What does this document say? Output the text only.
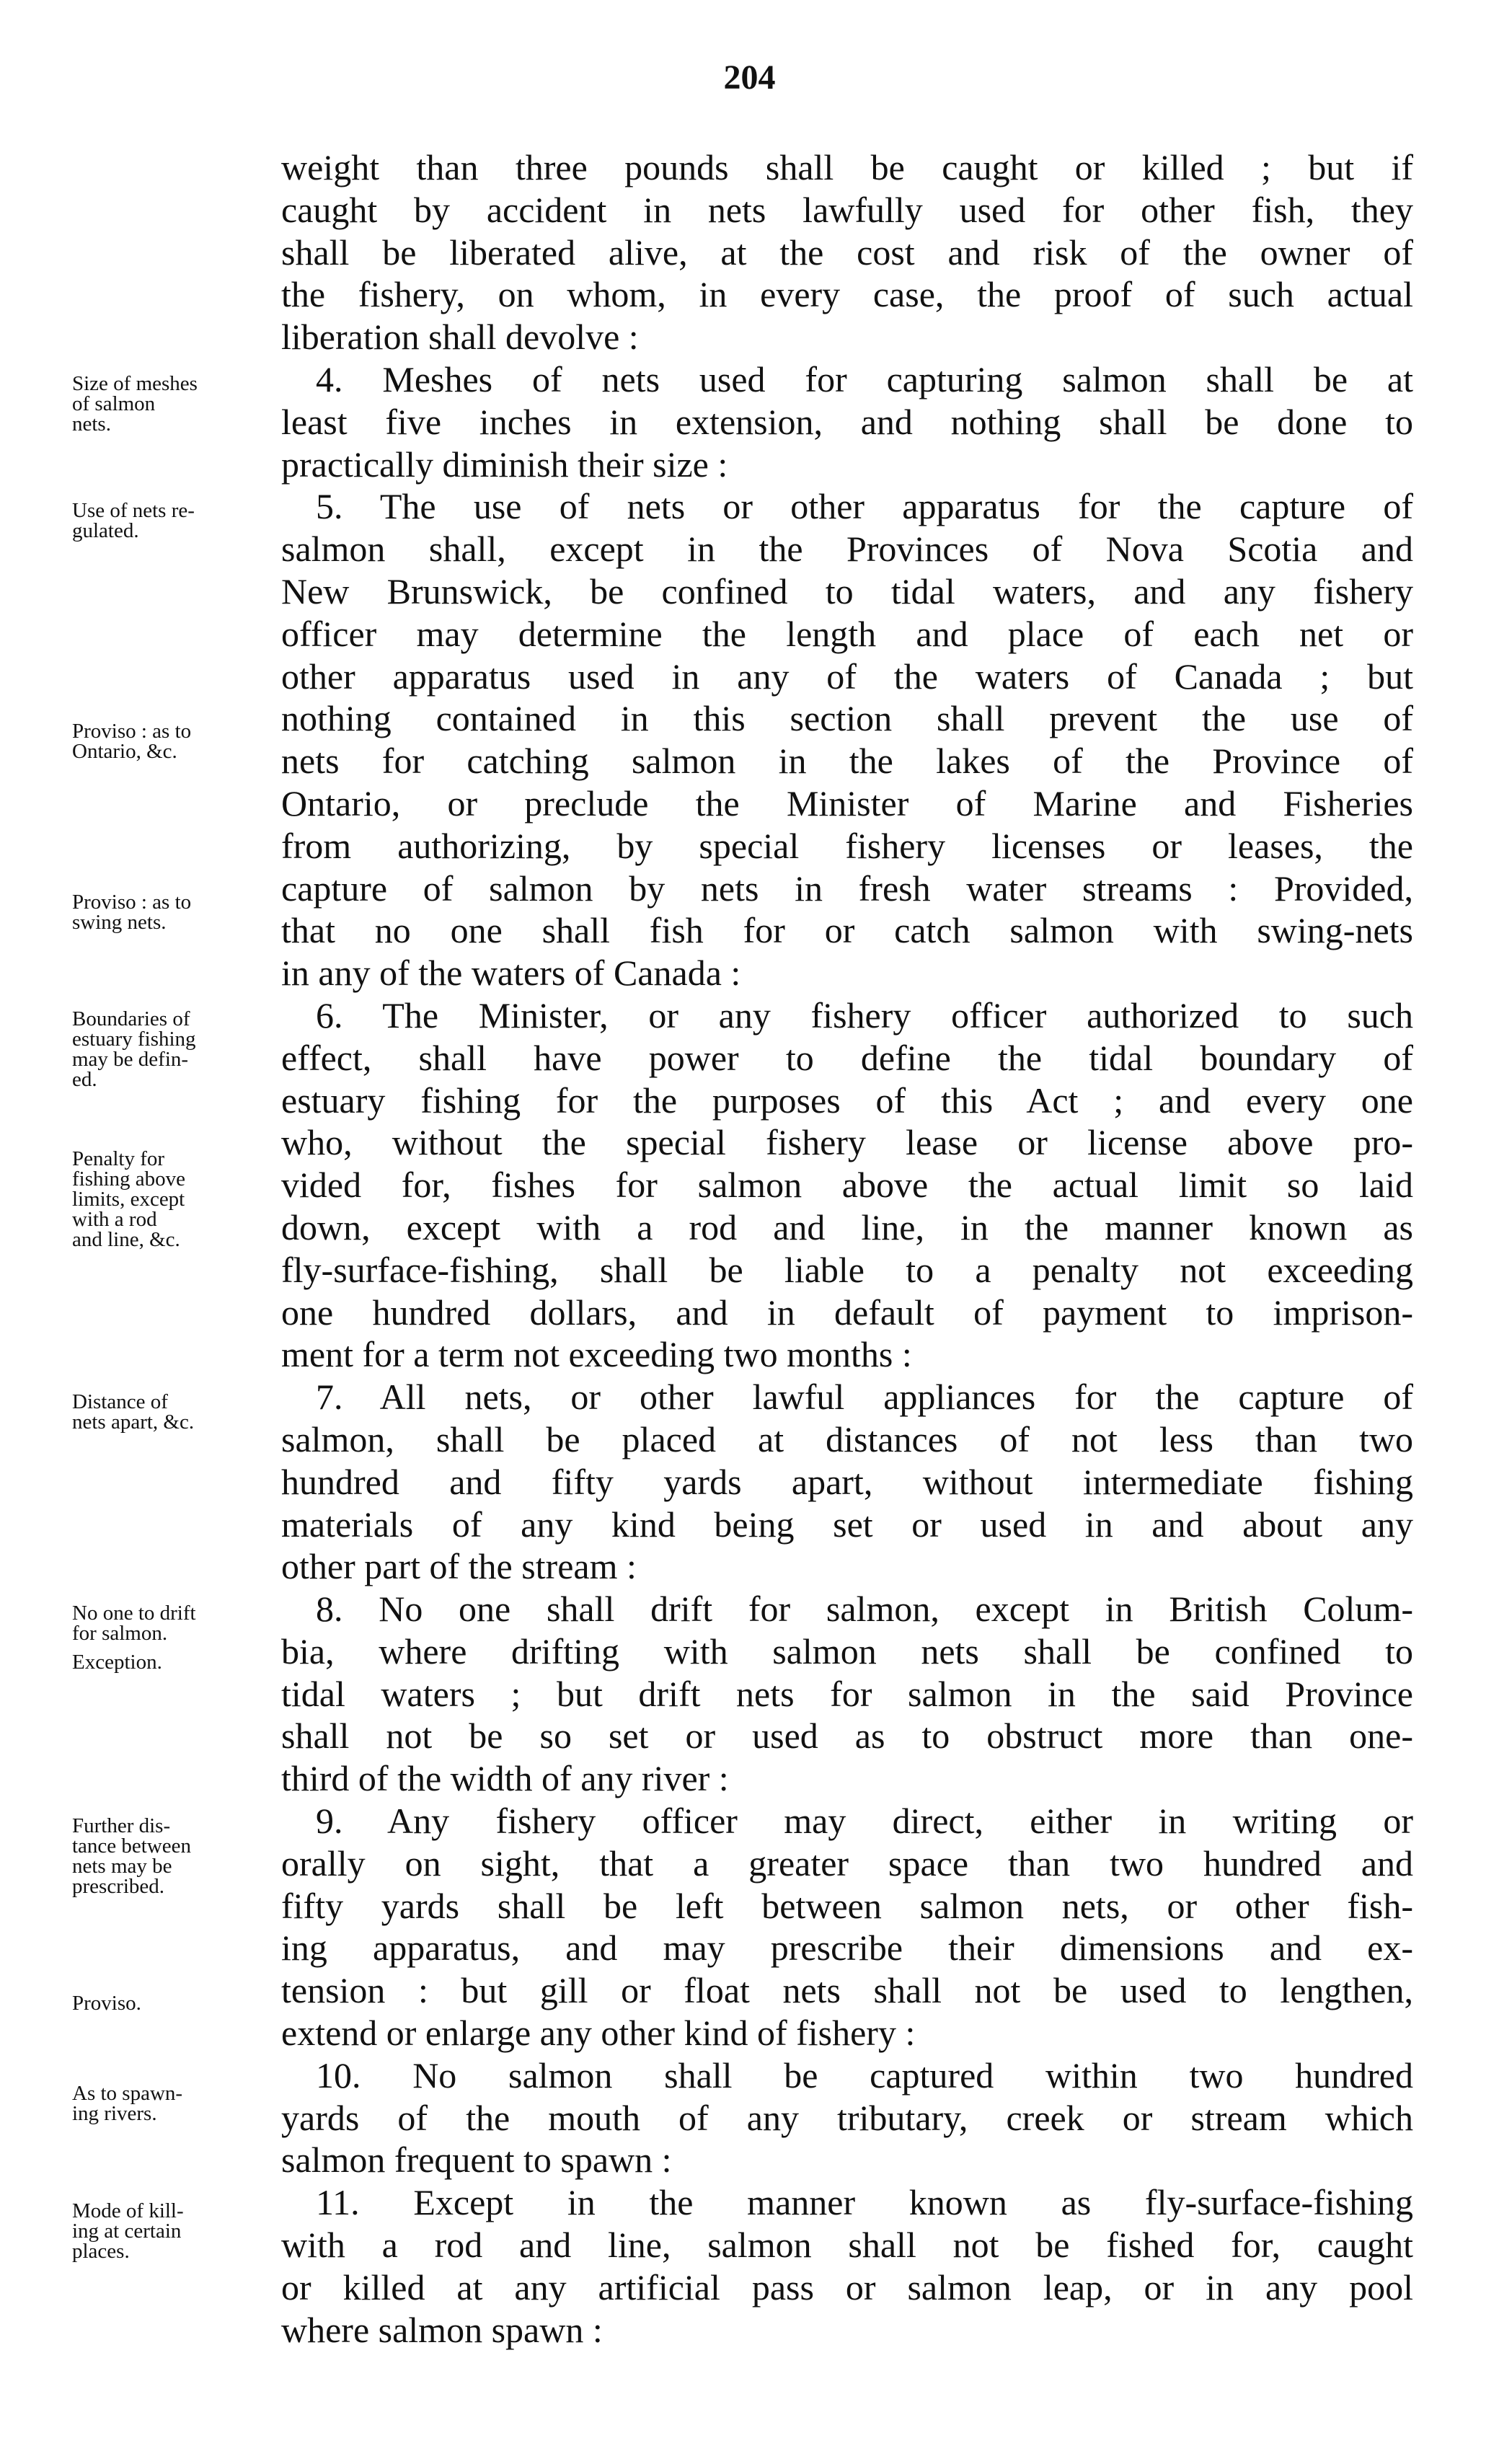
204
Size of meshes
of salmon
nets.
Use of nets re-
gulated.
Proviso : as to
Ontario, &c.
Proviso : as to
swing nets.
Boundaries of
estuary fishing
may be defin-
ed.
Penalty for
fishing above
limits, except
with a rod
and line, &c.
Distance of
nets apart, &c.
No one to drift
for salmon.
Exception.
Further dis-
tance between
nets may be
prescribed.
Proviso.
As to spawn-
ing rivers.
Mode of kill-
ing at certain
places.
weight than three pounds shall be caught or killed ; but if
caught by accident in nets lawfully used for other fish, they
shall be liberated alive, at the cost and risk of the owner of
the fishery, on whom, in every case, the proof of such actual
liberation shall devolve :
4. Meshes of nets used for capturing salmon shall be at
least five inches in extension, and nothing shall be done to
practically diminish their size :
5. The use of nets or other apparatus for the capture of
salmon shall, except in the Provinces of Nova Scotia and
New Brunswick, be confined to tidal waters, and any fishery
officer may determine the length and place of each net or
other apparatus used in any of the waters of Canada ; but
nothing contained in this section shall prevent the use of
nets for catching salmon in the lakes of the Province of
Ontario, or preclude the Minister of Marine and Fisheries
from authorizing, by special fishery licenses or leases, the
capture of salmon by nets in fresh water streams : Provided,
that no one shall fish for or catch salmon with swing-nets
in any of the waters of Canada :
6. The Minister, or any fishery officer authorized to such
effect, shall have power to define the tidal boundary of
estuary fishing for the purposes of this Act ; and every one
who, without the special fishery lease or license above pro-
vided for, fishes for salmon above the actual limit so laid
down, except with a rod and line, in the manner known as
fly-surface-fishing, shall be liable to a penalty not exceeding
one hundred dollars, and in default of payment to imprison-
ment for a term not exceeding two months :
7. All nets, or other lawful appliances for the capture of
salmon, shall be placed at distances of not less than two
hundred and fifty yards apart, without intermediate fishing
materials of any kind being set or used in and about any
other part of the stream :
8. No one shall drift for salmon, except in British Colum-
bia, where drifting with salmon nets shall be confined to
tidal waters ; but drift nets for salmon in the said Province
shall not be so set or used as to obstruct more than one-
third of the width of any river :
9. Any fishery officer may direct, either in writing or
orally on sight, that a greater space than two hundred and
fifty yards shall be left between salmon nets, or other fish-
ing apparatus, and may prescribe their dimensions and ex-
tension : but gill or float nets shall not be used to lengthen,
extend or enlarge any other kind of fishery :
10. No salmon shall be captured within two hundred
yards of the mouth of any tributary, creek or stream which
salmon frequent to spawn :
11. Except in the manner known as fly-surface-fishing
with a rod and line, salmon shall not be fished for, caught
or killed at any artificial pass or salmon leap, or in any pool
where salmon spawn :
